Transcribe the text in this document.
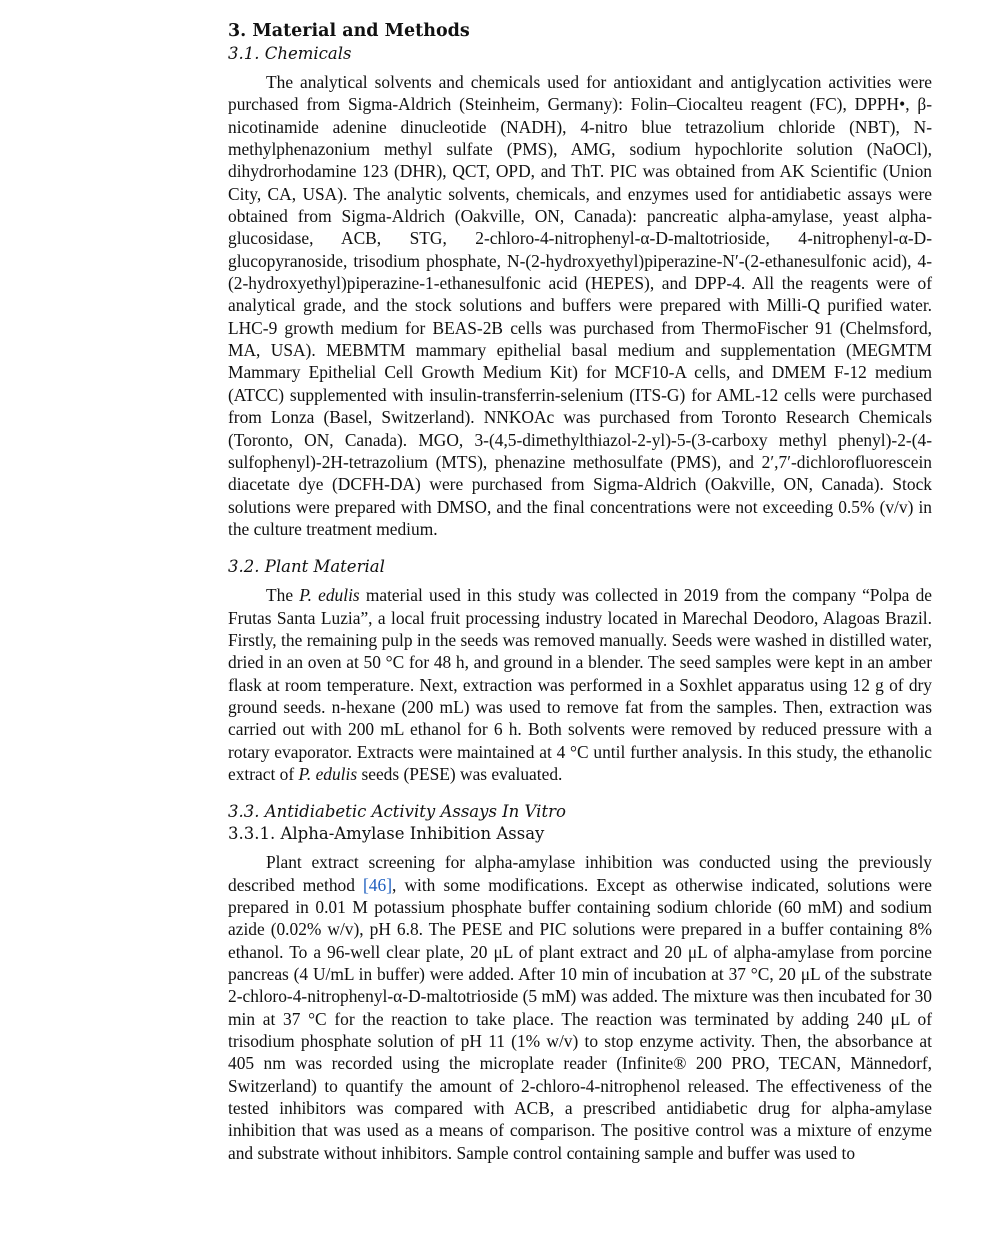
3. Material and Methods

3.1. Chemicals

The analytical solvents and chemicals used for antioxidant and antiglycation activities were purchased from Sigma-Aldrich (Steinheim, Germany): Folin–Ciocalteu reagent (FC), DPPH•, β-nicotinamide adenine dinucleotide (NADH), 4-nitro blue tetrazolium chloride (NBT), N-methylphenazonium methyl sulfate (PMS), AMG, sodium hypochlorite solution (NaOCl), dihydrorhodamine 123 (DHR), QCT, OPD, and ThT. PIC was obtained from AK Scientific (Union City, CA, USA). The analytic solvents, chemicals, and enzymes used for antidiabetic assays were obtained from Sigma-Aldrich (Oakville, ON, Canada): pancreatic alpha-amylase, yeast alpha-glucosidase, ACB, STG, 2-chloro-4-nitrophenyl-α-D-maltotrioside, 4-nitrophenyl-α-D-glucopyranoside, trisodium phosphate, N-(2-hydroxyethyl)piperazine-N′-(2-ethanesulfonic acid), 4-(2-hydroxyethyl)piperazine-1-ethanesulfonic acid (HEPES), and DPP-4. All the reagents were of analytical grade, and the stock solutions and buffers were prepared with Milli-Q purified water. LHC-9 growth medium for BEAS-2B cells was purchased from ThermoFischer 91 (Chelmsford, MA, USA). MEBMTM mammary epithelial basal medium and supplementation (MEGMTM Mammary Epithelial Cell Growth Medium Kit) for MCF10-A cells, and DMEM F-12 medium (ATCC) supplemented with insulin-transferrin-selenium (ITS-G) for AML-12 cells were purchased from Lonza (Basel, Switzerland). NNKOAc was purchased from Toronto Research Chemicals (Toronto, ON, Canada). MGO, 3-(4,5-dimethylthiazol-2-yl)-5-(3-carboxy methyl phenyl)-2-(4-sulfophenyl)-2H-tetrazolium (MTS), phenazine methosulfate (PMS), and 2′,7′-dichlorofluorescein diacetate dye (DCFH-DA) were purchased from Sigma-Aldrich (Oakville, ON, Canada). Stock solutions were prepared with DMSO, and the final concentrations were not exceeding 0.5% (v/v) in the culture treatment medium.

3.2. Plant Material

The P. edulis material used in this study was collected in 2019 from the company “Polpa de Frutas Santa Luzia”, a local fruit processing industry located in Marechal Deodoro, Alagoas Brazil. Firstly, the remaining pulp in the seeds was removed manually. Seeds were washed in distilled water, dried in an oven at 50 °C for 48 h, and ground in a blender. The seed samples were kept in an amber flask at room temperature. Next, extraction was performed in a Soxhlet apparatus using 12 g of dry ground seeds. n-hexane (200 mL) was used to remove fat from the samples. Then, extraction was carried out with 200 mL ethanol for 6 h. Both solvents were removed by reduced pressure with a rotary evaporator. Extracts were maintained at 4 °C until further analysis. In this study, the ethanolic extract of P. edulis seeds (PESE) was evaluated.

3.3. Antidiabetic Activity Assays In Vitro

3.3.1. Alpha-Amylase Inhibition Assay

Plant extract screening for alpha-amylase inhibition was conducted using the previously described method [46], with some modifications. Except as otherwise indicated, solutions were prepared in 0.01 M potassium phosphate buffer containing sodium chloride (60 mM) and sodium azide (0.02% w/v), pH 6.8. The PESE and PIC solutions were prepared in a buffer containing 8% ethanol. To a 96-well clear plate, 20 μL of plant extract and 20 μL of alpha-amylase from porcine pancreas (4 U/mL in buffer) were added. After 10 min of incubation at 37 °C, 20 μL of the substrate 2-chloro-4-nitrophenyl-α-D-maltotrioside (5 mM) was added. The mixture was then incubated for 30 min at 37 °C for the reaction to take place. The reaction was terminated by adding 240 μL of trisodium phosphate solution of pH 11 (1% w/v) to stop enzyme activity. Then, the absorbance at 405 nm was recorded using the microplate reader (Infinite® 200 PRO, TECAN, Männedorf, Switzerland) to quantify the amount of 2-chloro-4-nitrophenol released. The effectiveness of the tested inhibitors was compared with ACB, a prescribed antidiabetic drug for alpha-amylase inhibition that was used as a means of comparison. The positive control was a mixture of enzyme and substrate without inhibitors. Sample control containing sample and buffer was used to
